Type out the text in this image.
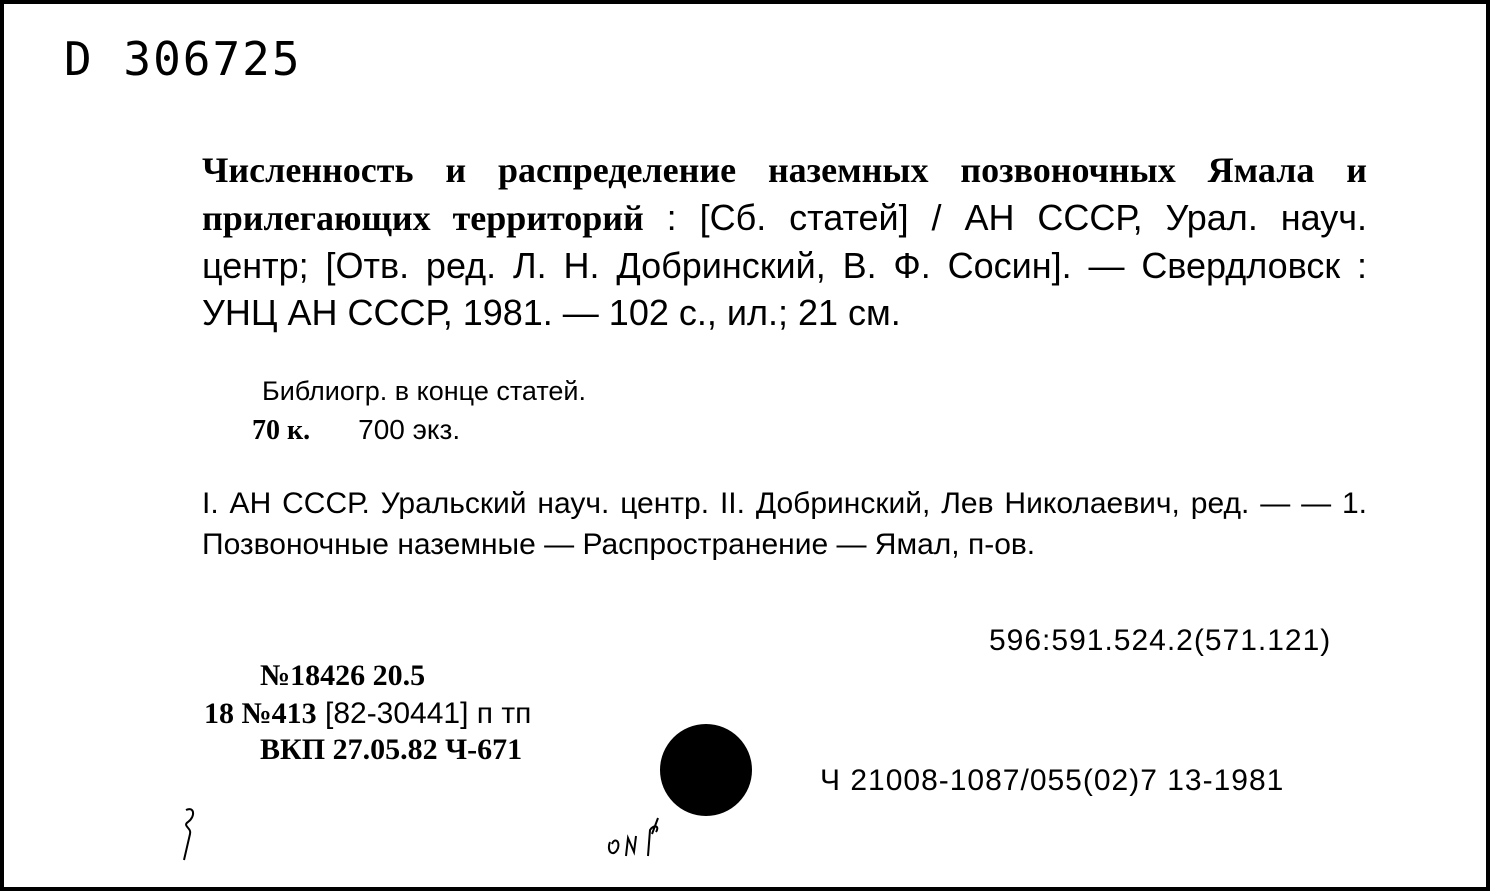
D 306725
Численность и распределение наземных позвоночных Ямала и прилегающих территорий : [Сб. статей] / АН СССР, Урал. науч. центр; [Отв. ред. Л. Н. Добринский, В. Ф. Сосин]. — Свердловск : УНЦ АН СССР, 1981. — 102 с., ил.; 21 см.
Библиогр. в конце статей.
70 к. 700 экз.
I. АН СССР. Уральский науч. центр. II. Добринский, Лев Николаевич, ред. — — 1. Позвоночные наземные — Распространение — Ямал, п-ов.
596:591.524.2(571.121)
№18426 20.5
18 №413 [82-30441] п тп
ВКП 27.05.82 Ч-671
Ч 21008-1087/055(02)7 13-1981
